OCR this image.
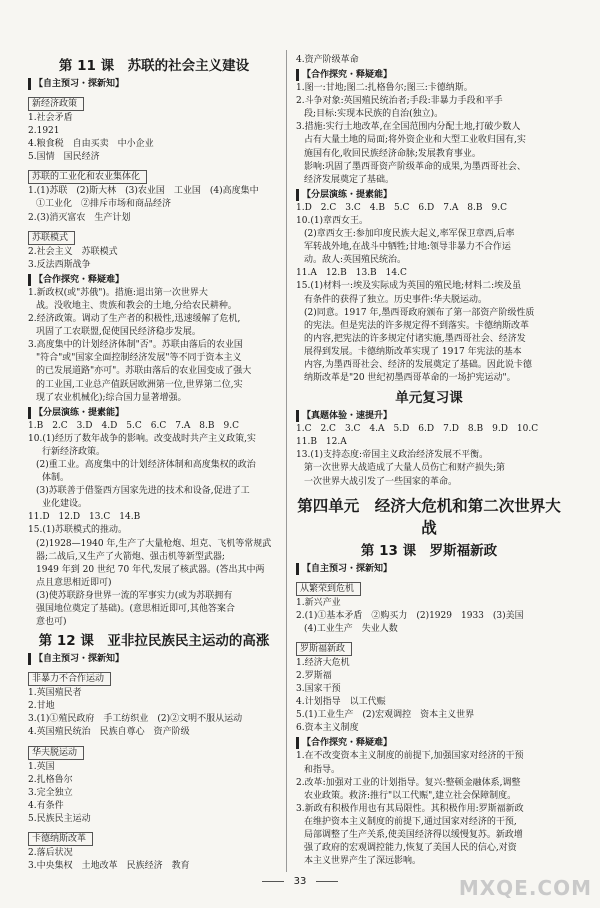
第 11 课　苏联的社会主义建设
【自主预习・探新知】
新经济政策
1.社会矛盾
2.1921
4.粮食税　自由买卖　中小企业
5.国情　国民经济
苏联的工业化和农业集体化
1.(1)苏联　(2)斯大林　(3)农业国　工业国　(4)高度集中
①工业化　②排斥市场和商品经济
2.(3)消灭富农　生产计划
苏联模式
2.社会主义　苏联模式
3.反法西斯战争
【合作探究・释疑难】
1.新政权(或"苏俄")。措施:退出第一次世界大
战。没收地主、贵族和教会的土地,分给农民耕种。
2.经济政策。调动了生产者的积极性,迅速缓解了危机,
巩固了工农联盟,促使国民经济稳步发展。
3.高度集中的计划经济体制"否"。苏联由落后的农业国
"符合"或"国家全面控制经济发展"等不同于资本主义
的已发展道路"亦可"。苏联由落后的农业国变成了强大
的工业国,工业总产值跃居欧洲第一位,世界第二位,实
现了农业机械化);综合国力显著增强。
【分层演练・提素能】
1.B　2.C　3.D　4.D　5.C　6.C　7.A　8.B　9.C
10.(1)经历了数年战争的影响。改变战时共产主义政策,实
行新经济政策。
(2)重工业。高度集中的计划经济体制和高度集权的政治
体制。
(3)苏联善于借鉴西方国家先进的技术和设备,促进了工
业化建设。
11.D　12.D　13.C　14.B
15.(1)苏联模式的推动。
(2)1928—1940 年,生产了大量枪炮、坦克、飞机等常规武
器;二战后,又生产了火箭炮、强击机等新型武器;
1949 年到 20 世纪 70 年代,发展了核武器。(答出其中两
点且意思相近即可)
(3)使苏联跻身世界一流的军事实力(或为苏联拥有
强国地位奠定了基础)。(意思相近即可,其他答案合
意也可)
第 12 课　亚非拉民族民主运动的高涨
【自主预习・探新知】
非暴力不合作运动
1.英国殖民者
2.甘地
3.(1)①殖民政府　手工纺织业　(2)②文明不服从运动
4.英国殖民统治　民族自尊心　资产阶级
华夫脱运动
1.英国
2.扎格鲁尔
3.完全独立
4.有条件
5.民族民主运动
卡德纳斯改革
2.落后状况
3.中央集权　土地改革　民族经济　教育
4.资产阶级革命
【合作探究・释疑难】
1.图一:甘地;图二:扎格鲁尔;图三:卡德纳斯。
2.斗争对象:英国殖民统治者;手段:非暴力手段和平手
段;目标:实现本民族的自治(独立)。
3.措施:实行土地改革,在全国范围内分配土地,打破少数人
占有大量土地的局面;将外资企业和大型工业收归国有,实
施国有化,收回民族经济命脉;发展教育事业。
影响:巩固了墨西哥资产阶级革命的成果,为墨西哥社会、
经济发展奠定了基础。
【分层演练・提素能】
1.D　2.C　3.C　4.B　5.C　6.D　7.A　8.B　9.C
10.(1)章西女王。
(2)章西女王:参加印度民族大起义,率军保卫章西,后率
军转战外地,在战斗中牺牲;甘地:领导非暴力不合作运
动。敌人:英国殖民统治。
11.A　12.B　13.B　14.C
15.(1)材料一:埃及实际成为英国的殖民地;材料二:埃及虽
有条件的获得了独立。历史事件:华夫脱运动。
(2)同意。1917 年,墨西哥政府颁布了第一部资产阶级性质
的宪法。但是宪法的许多规定得不到落实。卡德纳斯改革
的内容,把宪法的许多规定付诸实施,墨西哥社会、经济发
展得到发展。卡德纳斯改革实现了 1917 年宪法的基本
内容,为墨西哥社会、经济的发展奠定了基础。因此说卡德
纳斯改革是"20 世纪初墨西哥革命的一场护宪运动"。
单元复习课
【真题体验・速提升】
1.C　2.C　3.C　4.A　5.D　6.D　7.D　8.B　9.D　10.C
11.B　12.A
13.(1)支持态度:帝国主义政治经济发展不平衡。
第一次世界大战造成了大量人员伤亡和财产损失;第
一次世界大战引发了一些国家的革命。
第四单元　经济大危机和第二次世界大战
第 13 课　罗斯福新政
【自主预习・探新知】
从繁荣到危机
1.新兴产业
2.(1)①基本矛盾　②购买力　(2)1929　1933　(3)美国
(4)工业生产　失业人数
罗斯福新政
1.经济大危机
2.罗斯福
3.国家干预
4.计划指导　以工代赈
5.(1)工业生产　(2)宏观调控　资本主义世界
6.资本主义制度
【合作探究・释疑难】
1.在不改变资本主义制度的前提下,加强国家对经济的干预
和指导。
2.改革:加强对工业的计划指导。复兴:整顿金融体系,调整
农业政策。救济:推行"以工代赈",建立社会保障制度。
3.新政有积极作用也有其局限性。其积极作用:罗斯福新政
在维护资本主义制度的前提下,通过国家对经济的干预,
局部调整了生产关系,使美国经济得以缓慢复苏。新政增
强了政府的宏观调控能力,恢复了美国人民的信心,对资
本主义世界产生了深远影响。
33	MXQE.COM
